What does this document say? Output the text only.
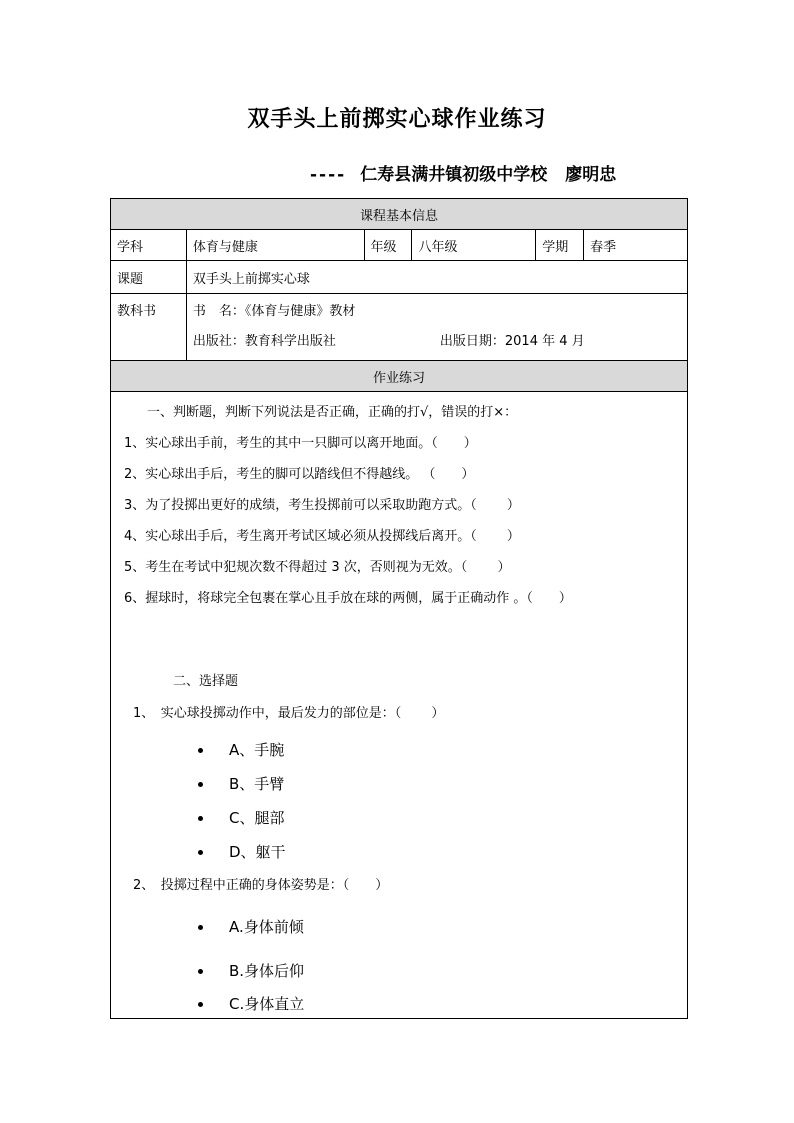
双手头上前掷实心球作业练习
---- 仁寿县满井镇初级中学校 廖明忠
课程基本信息					
学科	体育与健康	年级	八年级	学期	春季
课题	双手头上前掷实心球				
教科书	书　名：《体育与健康》教材
出版社：教育科学出版社 出版日期：2014 年 4 月				

作业练习					
一、判断题，判断下列说法是否正确，正确的打√，错误的打×：
1、实心球出手前，考生的其中一只脚可以离开地面。（　　）
2、实心球出手后，考生的脚可以踏线但不得越线。 （　　）
3、为了投掷出更好的成绩，考生投掷前可以采取助跑方式。（　　 ）
4、实心球出手后，考生离开考试区域必须从投掷线后离开。（　　 ）
5、考生在考试中犯规次数不得超过 3 次，否则视为无效。（　　 ）
6、握球时，将球完全包裹在掌心且手放在球的两侧，属于正确动作 。（　　）
二、选择题
1、　实心球投掷动作中，最后发力的部位是：（　　 ）
A、手腕
B、手臂
C、腿部
D、躯干
2、　投掷过程中正确的身体姿势是：（　　）
A.身体前倾
B.身体后仰
C.身体直立
